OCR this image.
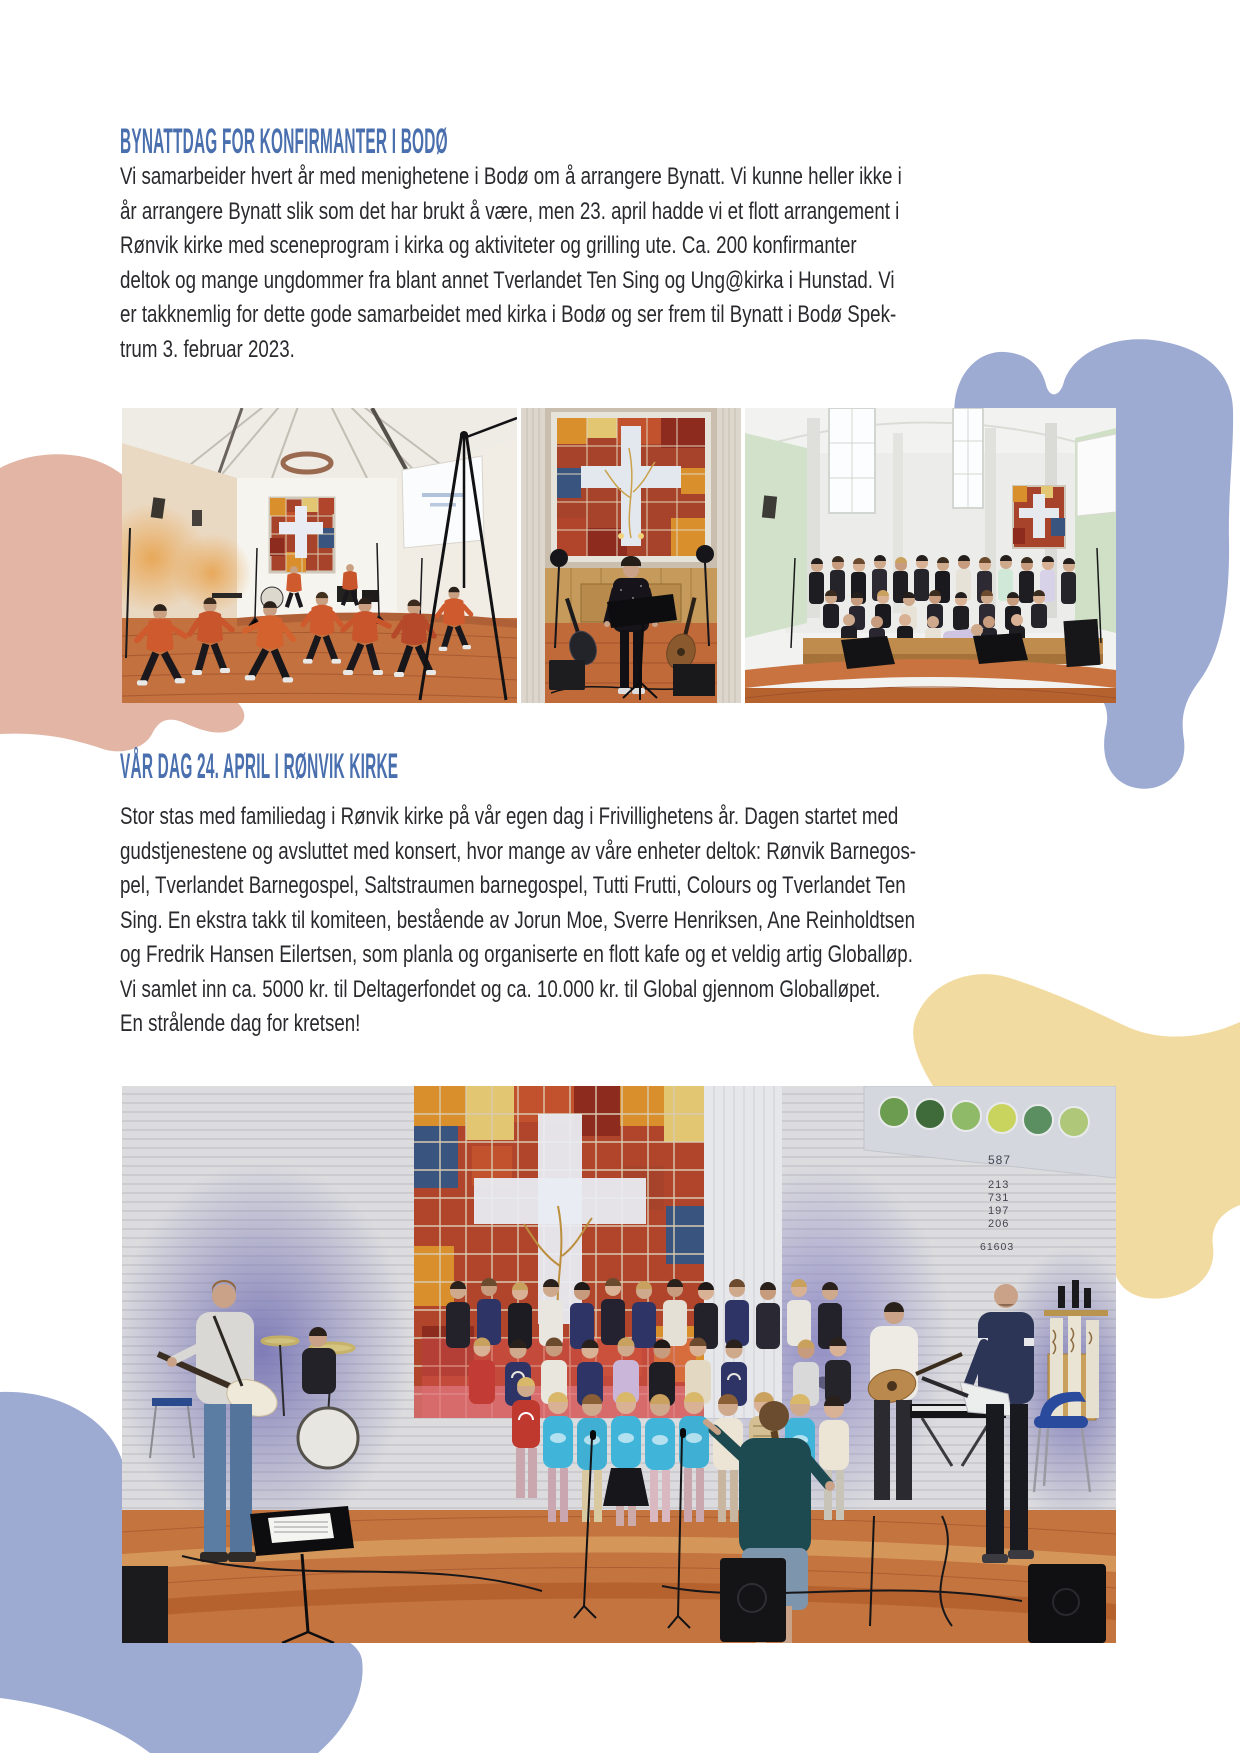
BYNATTDAG FOR KONFIRMANTER I BODØ
Vi samarbeider hvert år med menighetene i Bodø om å arrangere Bynatt. Vi kunne heller ikke i
år arrangere Bynatt slik som det har brukt å være, men 23. april hadde vi et flott arrangement i
Rønvik kirke med sceneprogram i kirka og aktiviteter og grilling ute. Ca. 200 konfirmanter
deltok og mange ungdommer fra blant annet Tverlandet Ten Sing og Ung@kirka i Hunstad. Vi
er takknemlig for dette gode samarbeidet med kirka i Bodø og ser frem til Bynatt i Bodø Spek-
trum 3. februar 2023.
VÅR DAG 24. APRIL I RØNVIK KIRKE
Stor stas med familiedag i Rønvik kirke på vår egen dag i Frivillighetens år. Dagen startet med
gudstjenestene og avsluttet med konsert, hvor mange av våre enheter deltok: Rønvik Barnegos-
pel, Tverlandet Barnegospel, Saltstraumen barnegospel, Tutti Frutti, Colours og Tverlandet Ten
Sing. En ekstra takk til komiteen, bestående av Jorun Moe, Sverre Henriksen, Ane Reinholdtsen
og Fredrik Hansen Eilertsen, som planla og organiserte en flott kafe og et veldig artig Globalløp.
Vi samlet inn ca. 5000 kr. til Deltagerfondet og ca. 10.000 kr. til Global gjennom Globalløpet.
En strålende dag for kretsen!
587
213
731
197
206
61603
